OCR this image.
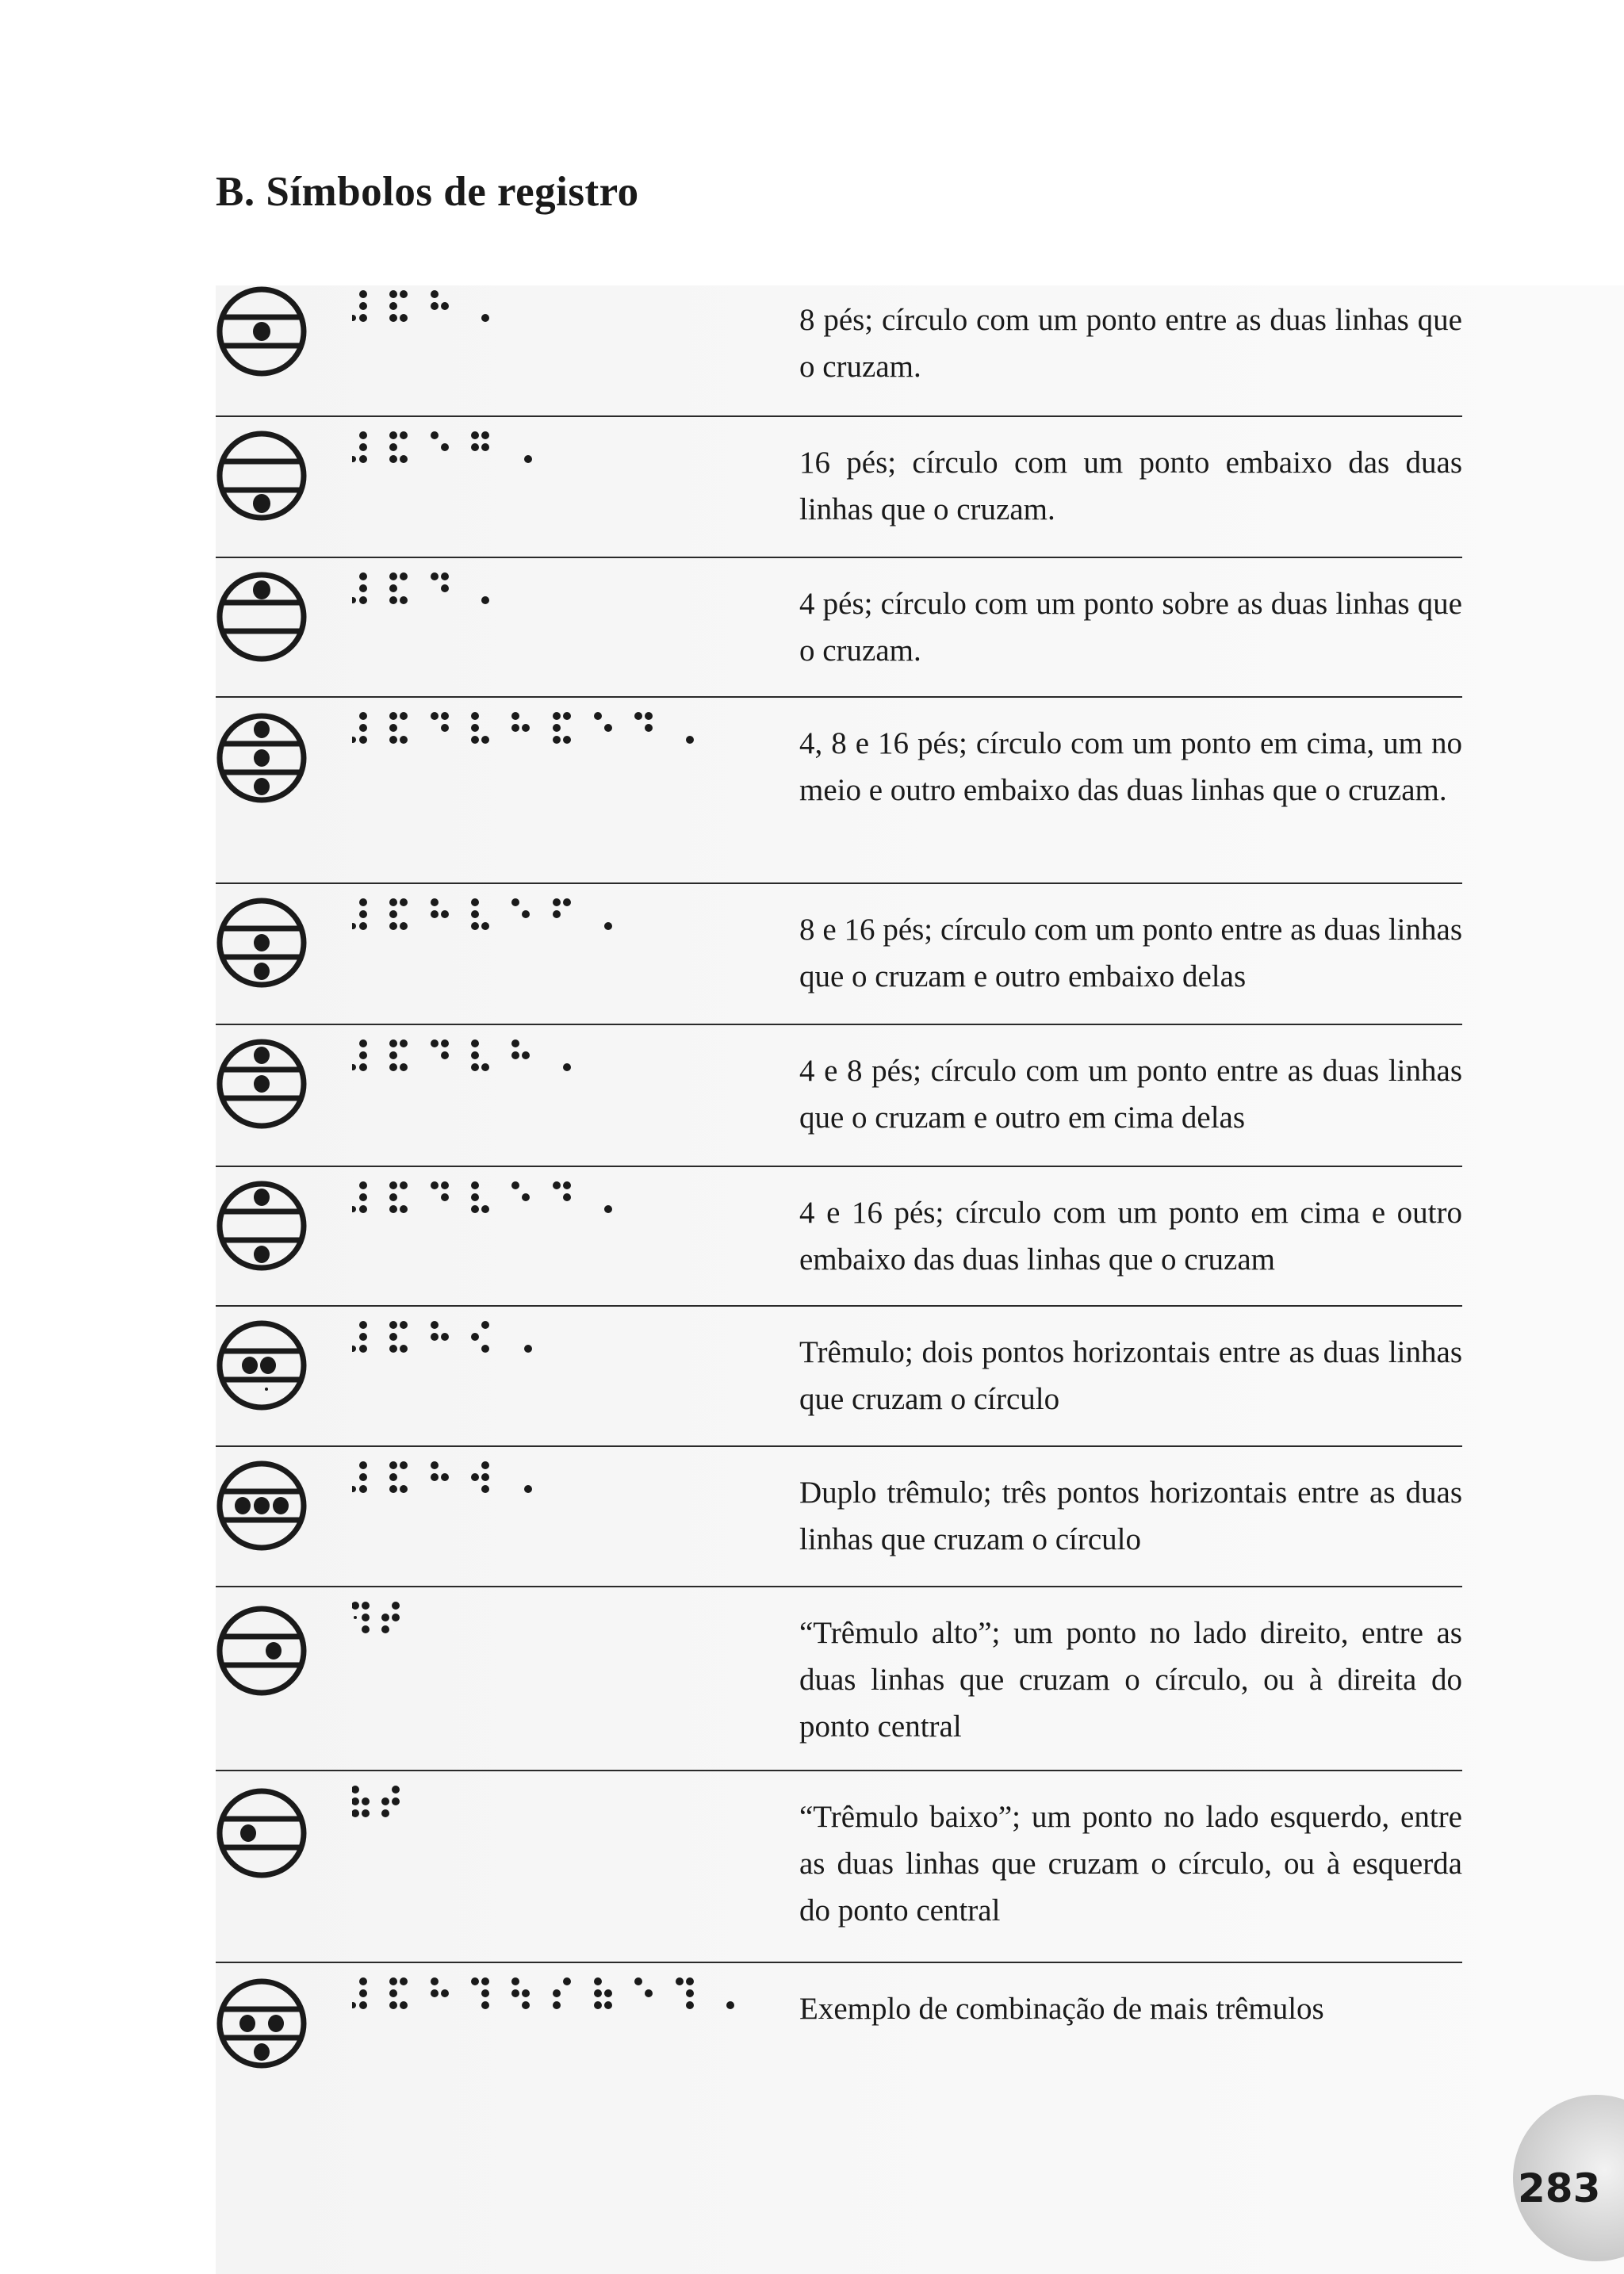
B. Símbolos de registro

8 pés; círculo com um ponto entre as duas linhas que o cruzam.

16 pés; círculo com um ponto embaixo das duas linhas que o cruzam.

4 pés; círculo com um ponto sobre as duas linhas que o cruzam.

4, 8 e 16 pés; círculo com um ponto em cima, um no meio e outro embaixo das duas linhas que o cruzam.

8 e 16 pés; círculo com um ponto entre as duas linhas que o cruzam e outro embaixo delas

4 e 8 pés; círculo com um ponto entre as duas linhas que o cruzam e outro em cima delas

4 e 16 pés; círculo com um ponto em cima e outro embaixo das duas linhas que o cruzam

Trêmulo; dois pontos horizontais entre as duas linhas que cruzam o círculo

Duplo trêmulo; três pontos horizontais entre as duas linhas que cruzam o círculo

“Trêmulo alto”; um ponto no lado direito, entre as duas linhas que cruzam o círculo, ou à direita do ponto central

“Trêmulo baixo”; um ponto no lado esquerdo, entre as duas linhas que cruzam o círculo, ou à esquerda do ponto central

Exemplo de combinação de mais trêmulos

283
